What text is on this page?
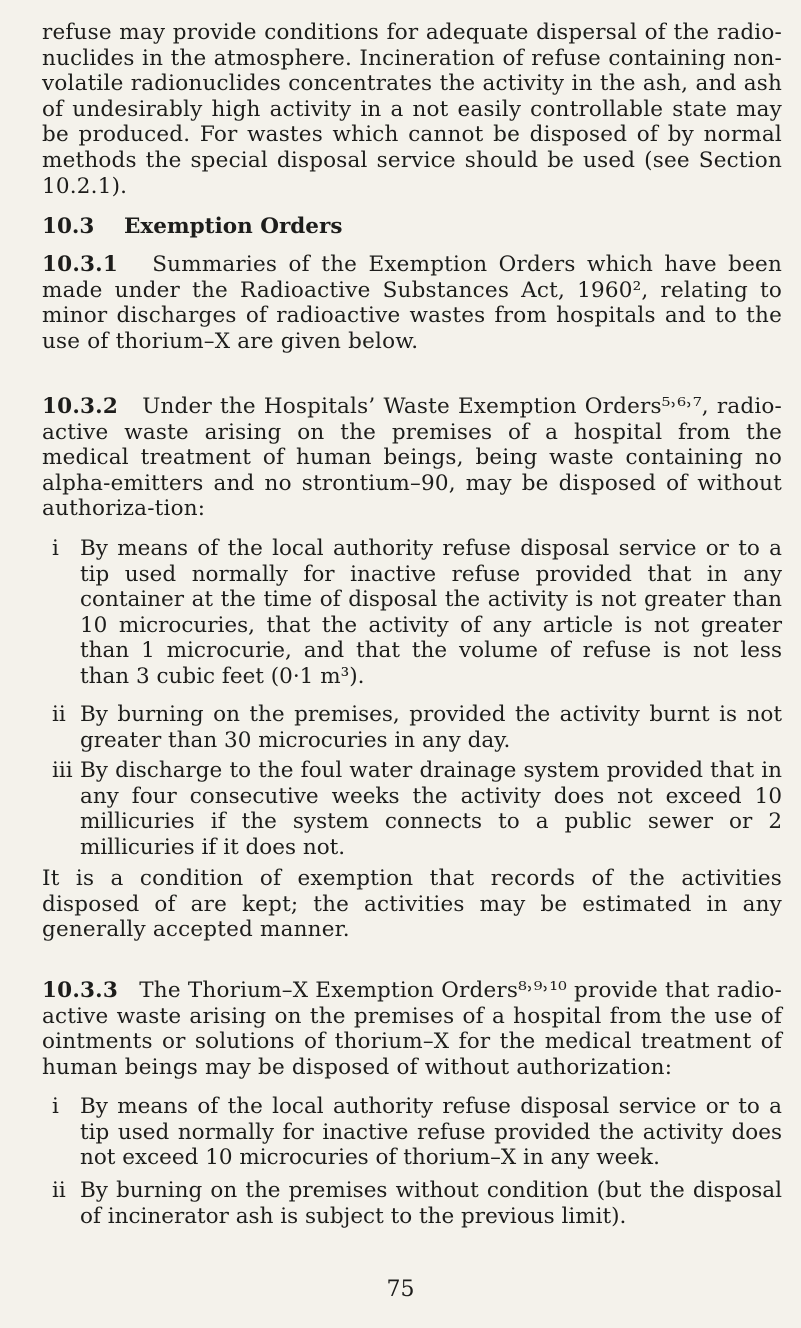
refuse may provide conditions for adequate dispersal of the radio-nuclides in the atmosphere. Incineration of refuse containing non-volatile radionuclides concentrates the activity in the ash, and ash of undesirably high activity in a not easily controllable state may be produced. For wastes which cannot be disposed of by normal methods the special disposal service should be used (see Section 10.2.1).
10.3 Exemption Orders
10.3.1 Summaries of the Exemption Orders which have been made under the Radioactive Substances Act, 1960², relating to minor discharges of radioactive wastes from hospitals and to the use of thorium–X are given below.
10.3.2 Under the Hospitals’ Waste Exemption Orders⁵˒⁶˒⁷, radio-active waste arising on the premises of a hospital from the medical treatment of human beings, being waste containing no alpha-emitters and no strontium–90, may be disposed of without authoriza-tion:
i By means of the local authority refuse disposal service or to a tip used normally for inactive refuse provided that in any container at the time of disposal the activity is not greater than 10 microcuries, that the activity of any article is not greater than 1 microcurie, and that the volume of refuse is not less than 3 cubic feet (0·1 m³).
ii By burning on the premises, provided the activity burnt is not greater than 30 microcuries in any day.
iii By discharge to the foul water drainage system provided that in any four consecutive weeks the activity does not exceed 10 millicuries if the system connects to a public sewer or 2 millicuries if it does not.
It is a condition of exemption that records of the activities disposed of are kept; the activities may be estimated in any generally accepted manner.
10.3.3 The Thorium–X Exemption Orders⁸˒⁹˒¹⁰ provide that radio-active waste arising on the premises of a hospital from the use of ointments or solutions of thorium–X for the medical treatment of human beings may be disposed of without authorization:
i By means of the local authority refuse disposal service or to a tip used normally for inactive refuse provided the activity does not exceed 10 microcuries of thorium–X in any week.
ii By burning on the premises without condition (but the disposal of incinerator ash is subject to the previous limit).
75
